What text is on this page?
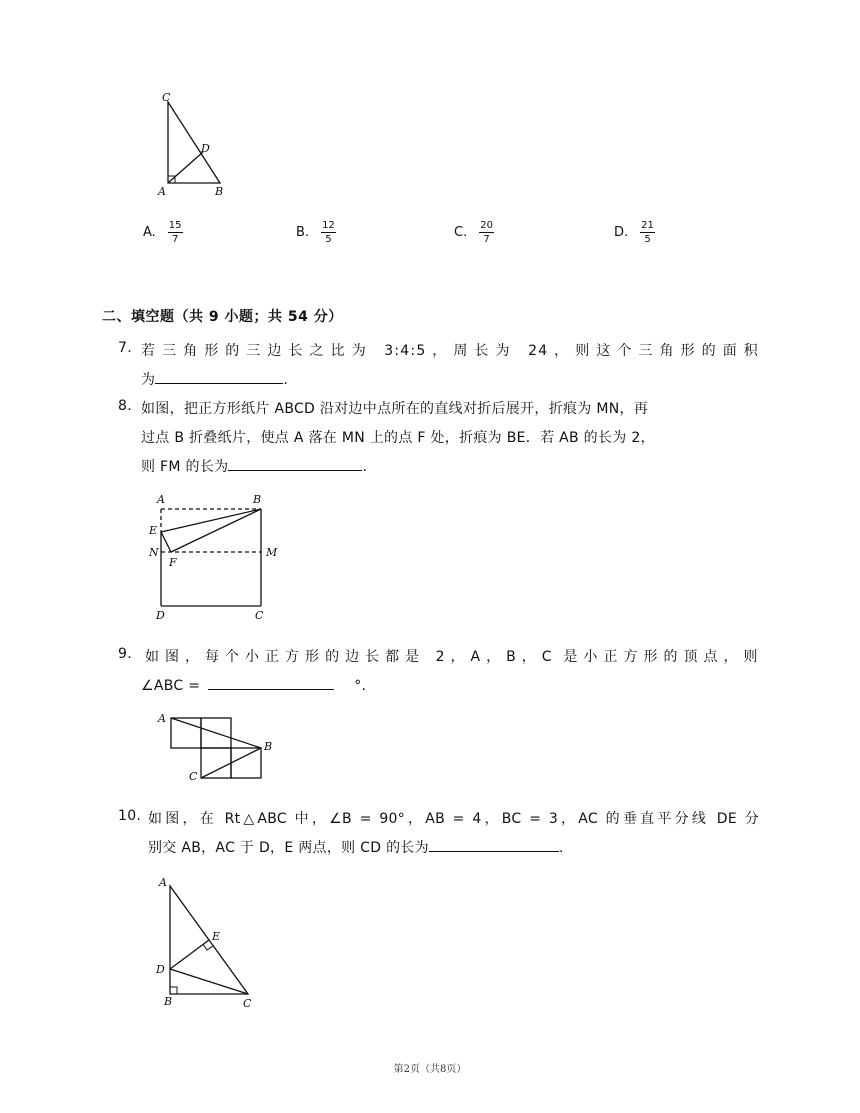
C
D
A	B
A. $\frac{15}{7}$	B. $\frac{12}{5}$	C. $\frac{20}{7}$	D. $\frac{21}{5}$
二、填空题（共 9 小题；共 54 分）
7. 若三角形的三边长之比为 3:4:5，周长为 24，则这个三角形的面积
为	.
8. 如图，把正方形纸片 ABCD 沿对边中点所在的直线对折后展开，折痕为 MN，再
过点 B 折叠纸片，使点 A 落在 MN 上的点 F 处，折痕为 BE．若 AB 的长为 2，
则 FM 的长为	.
A	B
E
N
F
M
D	C
9. 如图，每个小正方形的边长都是 2，A，B，C 是小正方形的顶点，则
∠ABC =	°.
A
B
C
10. 如图，在 Rt△ABC 中，∠B = 90°，AB = 4，BC = 3，AC 的垂直平分线 DE 分
别交 AB，AC 于 D，E 两点，则 CD 的长为	.
A
E
D
B	C
第2页（共8页）
